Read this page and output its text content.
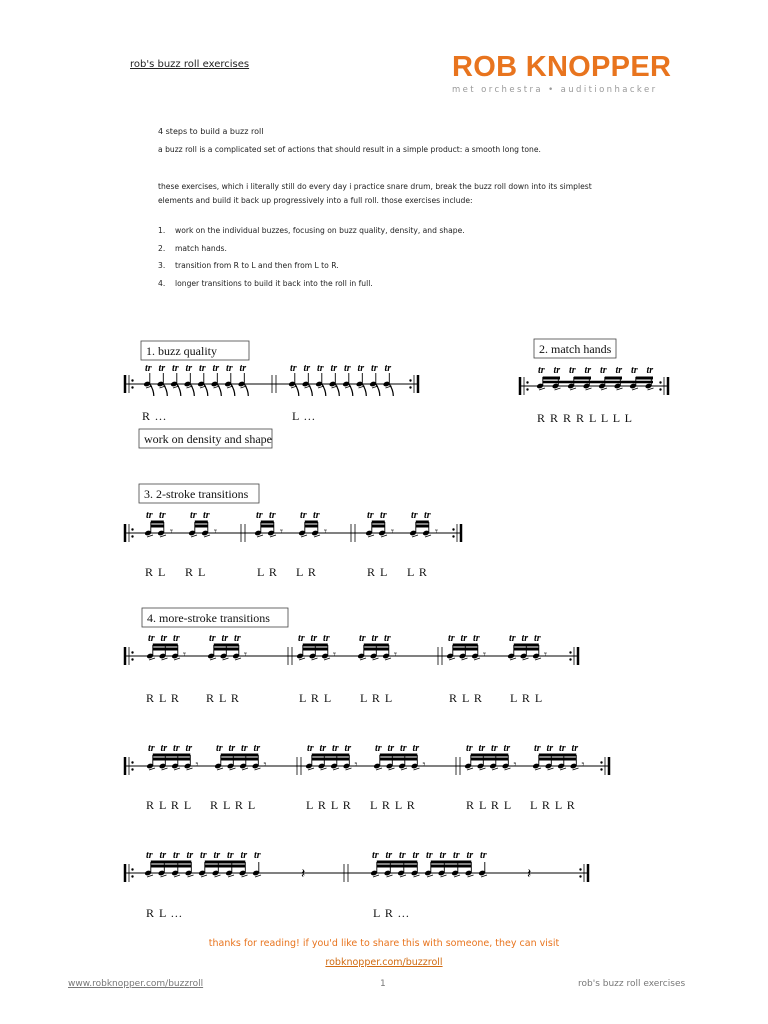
rob's buzz roll exercises	ROB KNOPPER
met orchestra • auditionhacker
4 steps to build a buzz roll
a buzz roll is a complicated set of actions that should result in a simple product: a smooth long tone.
these exercises, which i literally still do every day i practice snare drum, break the buzz roll down into its simplest elements and build it back up progressively into a full roll. those exercises include:
1. work on the individual buzzes, focusing on buzz quality, density, and shape.
2. match hands.
3. transition from R to L and then from L to R.
4. longer transitions to build it back into the roll in full.
1. buzz quality
tr tr tr tr tr tr tr tr	tr tr tr tr tr tr tr tr
R ...	L ...
work on density and shape
2. match hands
tr tr tr tr tr tr tr tr
R R R R L L L L
3. 2-stroke transitions
tr tr
𝄾
tr tr
𝄾
tr tr
𝄾
tr tr
𝄾
tr tr
𝄾
tr tr
𝄾
R L R L	L R L R	R L L R
4. more-stroke transitions
tr tr tr
𝄾
tr tr tr
𝄾
tr tr tr
𝄾
tr tr tr
𝄾
tr tr tr
𝄾
tr tr tr
𝄾
R L R R L R	L R L L R L	R L R L R L
tr tr tr tr
𝄾
tr tr tr tr
𝄾
tr tr tr tr
𝄾
tr tr tr tr
𝄾
tr tr tr tr
𝄾
tr tr tr tr
𝄾
R L R L R L R L	L R L R L R L R	R L R L L R L R
tr tr tr tr tr tr tr tr tr
𝄽
tr tr tr tr tr tr tr tr tr
𝄽
R L ...	L R ...
thanks for reading! if you'd like to share this with someone, they can visit
robknopper.com/buzzroll
www.robknopper.com/buzzroll	1	rob's buzz roll exercises
